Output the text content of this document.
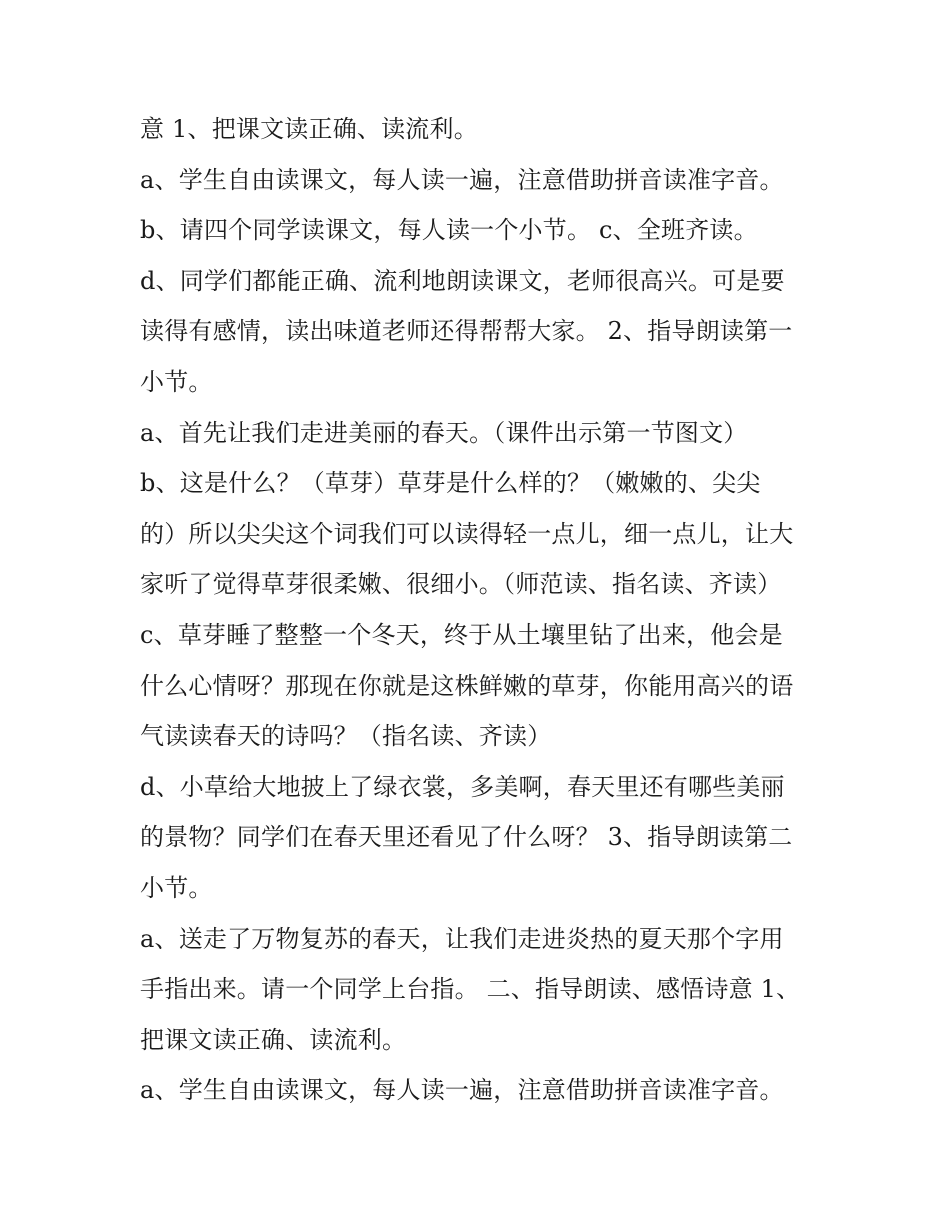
意 1、把课文读正确、读流利。
a、学生自由读课文，每人读一遍，注意借助拼音读准字音。
b、请四个同学读课文，每人读一个小节。 c、全班齐读。
d、同学们都能正确、流利地朗读课文，老师很高兴。可是要
读得有感情，读出味道老师还得帮帮大家。 2、指导朗读第一
小节。
a、首先让我们走进美丽的春天。（课件出示第一节图文）
b、这是什么？（草芽）草芽是什么样的？（嫩嫩的、尖尖
的）所以尖尖这个词我们可以读得轻一点儿，细一点儿，让大
家听了觉得草芽很柔嫩、很细小。（师范读、指名读、齐读）
c、草芽睡了整整一个冬天，终于从土壤里钻了出来，他会是
什么心情呀？那现在你就是这株鲜嫩的草芽，你能用高兴的语
气读读春天的诗吗？（指名读、齐读）
d、小草给大地披上了绿衣裳，多美啊，春天里还有哪些美丽
的景物？同学们在春天里还看见了什么呀？ 3、指导朗读第二
小节。
a、送走了万物复苏的春天，让我们走进炎热的夏天那个字用
手指出来。请一个同学上台指。 二、指导朗读、感悟诗意 1、
把课文读正确、读流利。
a、学生自由读课文，每人读一遍，注意借助拼音读准字音。
